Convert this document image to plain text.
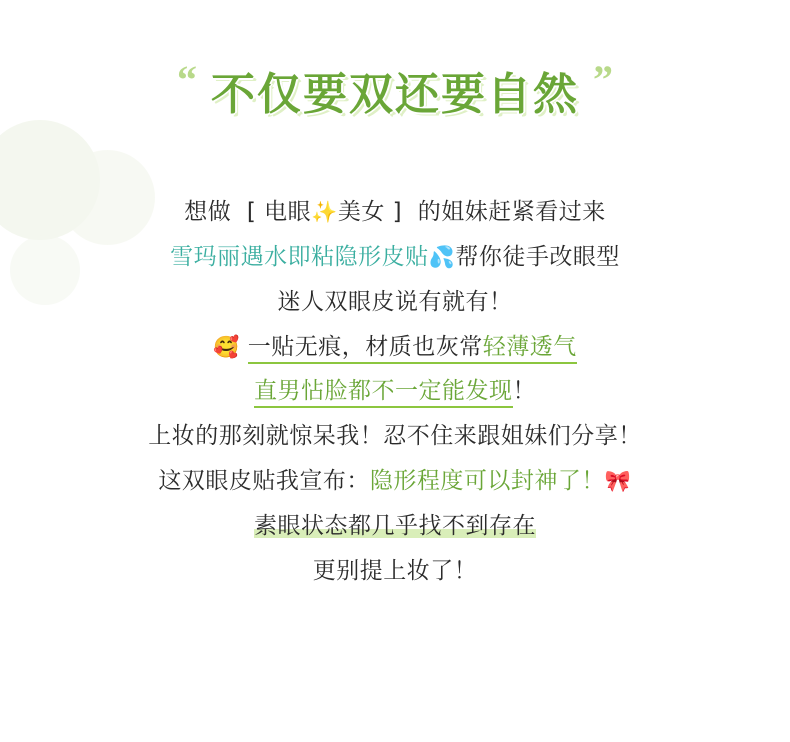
“ 不仅要双还要自然 ”
想做  [ 电眼✨美女 ]  的姐妹赶紧看过来
雪玛丽遇水即粘隐形皮贴💦帮你徒手改眼型
迷人双眼皮说有就有！
🥰 一贴无痕，材质也灰常轻薄透气
直男怗脸都不一定能发现！
上妆的那刻就惊呆我！忍不住来跟姐妹们分享！
这双眼皮贴我宣布：隐形程度可以封神了！🎀
素眼状态都几乎找不到存在
更别提上妆了！
